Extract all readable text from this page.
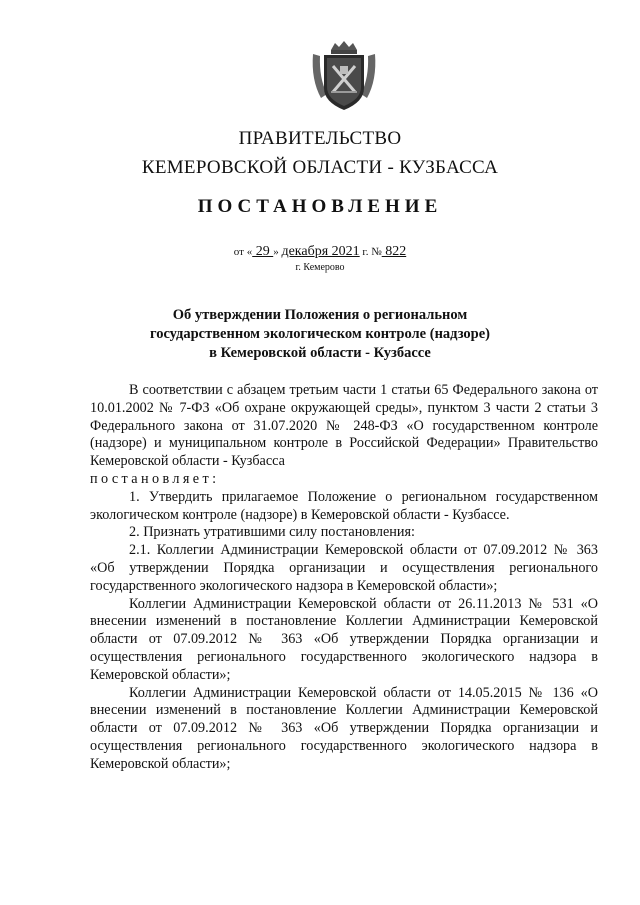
ПРАВИТЕЛЬСТВО
КЕМЕРОВСКОЙ ОБЛАСТИ - КУЗБАССА
ПОСТАНОВЛЕНИЕ
от « 29 » декабря 2021 г. № 822
г. Кемерово
Об утверждении Положения о региональном
государственном экологическом контроле (надзоре)
в Кемеровской области - Кузбассе

В соответствии с абзацем третьим части 1 статьи 65 Федерального закона от 10.01.2002 № 7-ФЗ «Об охране окружающей среды», пунктом 3 части 2 статьи 3 Федерального закона от 31.07.2020 № 248-ФЗ «О государственном контроле (надзоре) и муниципальном контроле в Российской Федерации» Правительство Кемеровской области - Кузбасса

постановляет:

1. Утвердить прилагаемое Положение о региональном государственном экологическом контроле (надзоре) в Кемеровской области - Кузбассе.

2. Признать утратившими силу постановления:

2.1. Коллегии Администрации Кемеровской области от 07.09.2012 № 363 «Об утверждении Порядка организации и осуществления регионального государственного экологического надзора в Кемеровской области»;

Коллегии Администрации Кемеровской области от 26.11.2013 № 531 «О внесении изменений в постановление Коллегии Администрации Кемеровской области от 07.09.2012 № 363 «Об утверждении Порядка организации и осуществления регионального государственного экологического надзора в Кемеровской области»;

Коллегии Администрации Кемеровской области от 14.05.2015 № 136 «О внесении изменений в постановление Коллегии Администрации Кемеровской области от 07.09.2012 № 363 «Об утверждении Порядка организации и осуществления регионального государственного экологического надзора в Кемеровской области»;
